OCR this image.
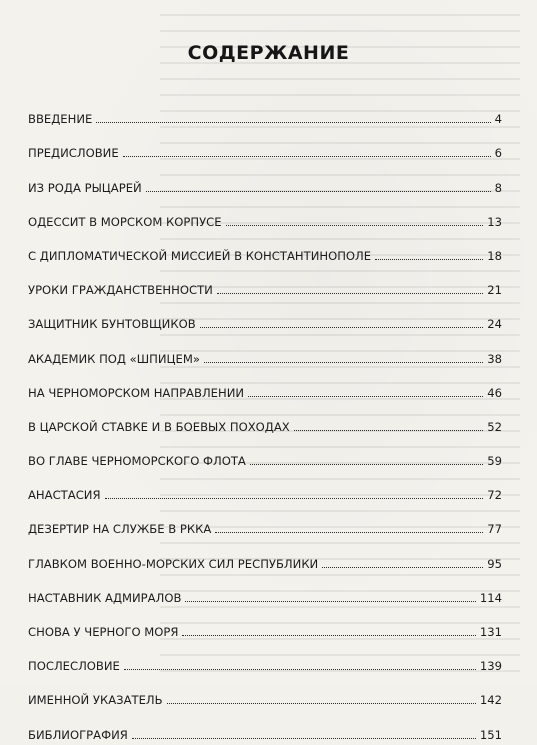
СОДЕРЖАНИЕ
ВВЕДЕНИЕ	4
ПРЕДИСЛОВИЕ	6
ИЗ РОДА РЫЦАРЕЙ	8
ОДЕССИТ В МОРСКОМ КОРПУСЕ	13
С ДИПЛОМАТИЧЕСКОЙ МИССИЕЙ В КОНСТАНТИНОПОЛЕ	18
УРОКИ ГРАЖДАНСТВЕННОСТИ	21
ЗАЩИТНИК БУНТОВЩИКОВ	24
АКАДЕМИК ПОД «ШПИЦЕМ»	38
НА ЧЕРНОМОРСКОМ НАПРАВЛЕНИИ	46
В ЦАРСКОЙ СТАВКЕ И В БОЕВЫХ ПОХОДАХ	52
ВО ГЛАВЕ ЧЕРНОМОРСКОГО ФЛОТА	59
АНАСТАСИЯ	72
ДЕЗЕРТИР НА СЛУЖБЕ В РККА	77
ГЛАВКОМ ВОЕННО-МОРСКИХ СИЛ РЕСПУБЛИКИ	95
НАСТАВНИК АДМИРАЛОВ	114
СНОВА У ЧЕРНОГО МОРЯ	131
ПОСЛЕСЛОВИЕ	139
ИМЕННОЙ УКАЗАТЕЛЬ	142
БИБЛИОГРАФИЯ	151
